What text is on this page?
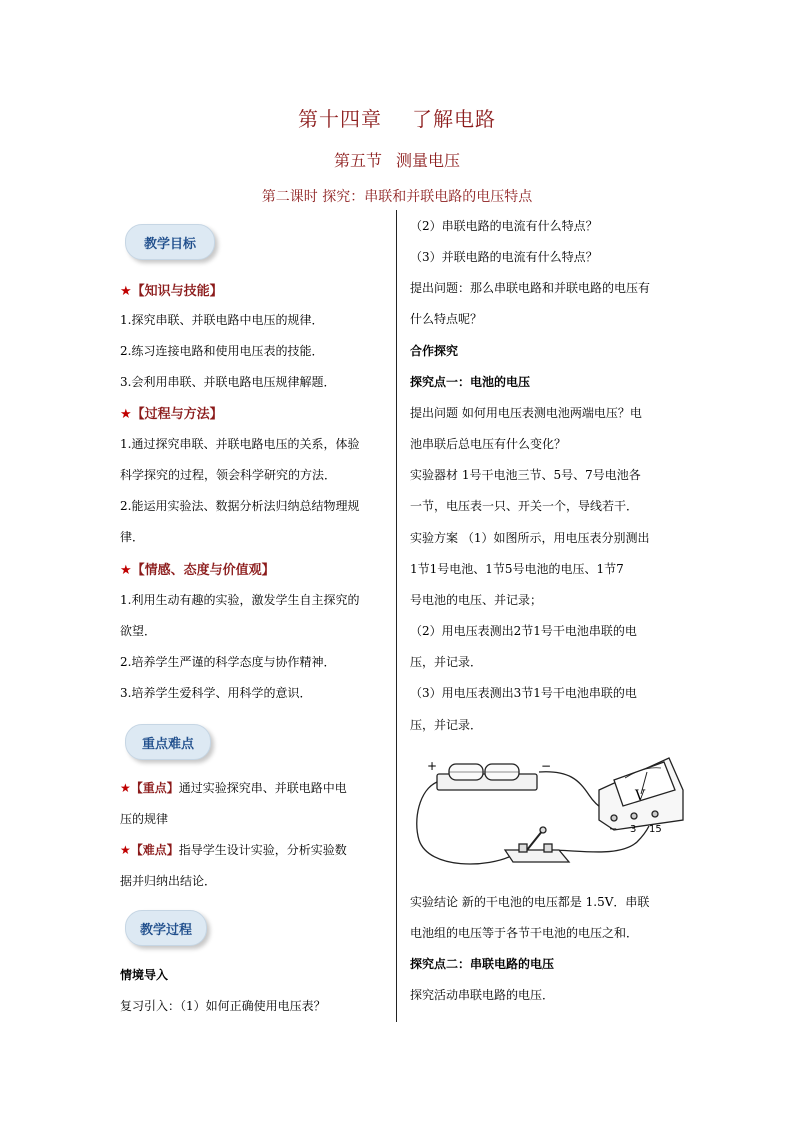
第十四章 了解电路
第五节 测量电压
第二课时 探究：串联和并联电路的电压特点
教学目标
★【知识与技能】
1.探究串联、并联电路中电压的规律．
2.练习连接电路和使用电压表的技能．
3.会利用串联、并联电路电压规律解题．
★【过程与方法】
1.通过探究串联、并联电路电压的关系，体验
科学探究的过程，领会科学研究的方法．
2.能运用实验法、数据分析法归纳总结物理规
律．
★【情感、态度与价值观】
1.利用生动有趣的实验，激发学生自主探究的
欲望．
2.培养学生严谨的科学态度与协作精神．
3.培养学生爱科学、用科学的意识．
重点难点
★【重点】通过实验探究串、并联电路中电
压的规律
★【难点】指导学生设计实验，分析实验数
据并归纳出结论．
教学过程
情境导入
复习引入：（1）如何正确使用电压表？
（2）串联电路的电流有什么特点？
（3）并联电路的电流有什么特点？
提出问题：那么串联电路和并联电路的电压有
什么特点呢？
合作探究
探究点一：电池的电压
提出问题 如何用电压表测电池两端电压？电
池串联后总电压有什么变化？
实验器材 1号干电池三节、5号、7号电池各
一节，电压表一只、开关一个，导线若干．
实验方案 （1）如图所示，用电压表分别测出
1节1号电池、1节5号电池的电压、1节7
号电池的电压、并记录；
（2）用电压表测出2节1号干电池串联的电
压，并记录．
（3）用电压表测出3节1号干电池串联的电
压，并记录．
+	−
V
− 3 15
实验结论 新的干电池的电压都是 1.5V．串联
电池组的电压等于各节干电池的电压之和．
探究点二：串联电路的电压
探究活动串联电路的电压．
